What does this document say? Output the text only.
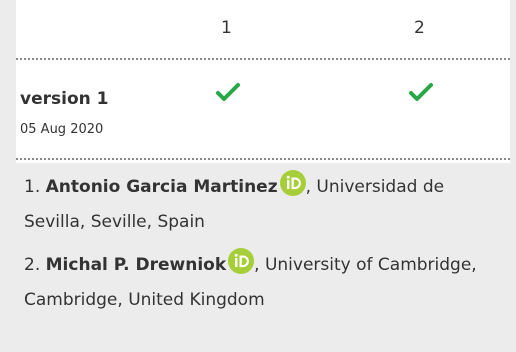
1	2
version 1
05 Aug 2020
1. Antonio Garcia Martinez , Universidad de Sevilla, Seville, Spain
2. Michal P. Drewniok , University of Cambridge, Cambridge, United Kingdom
